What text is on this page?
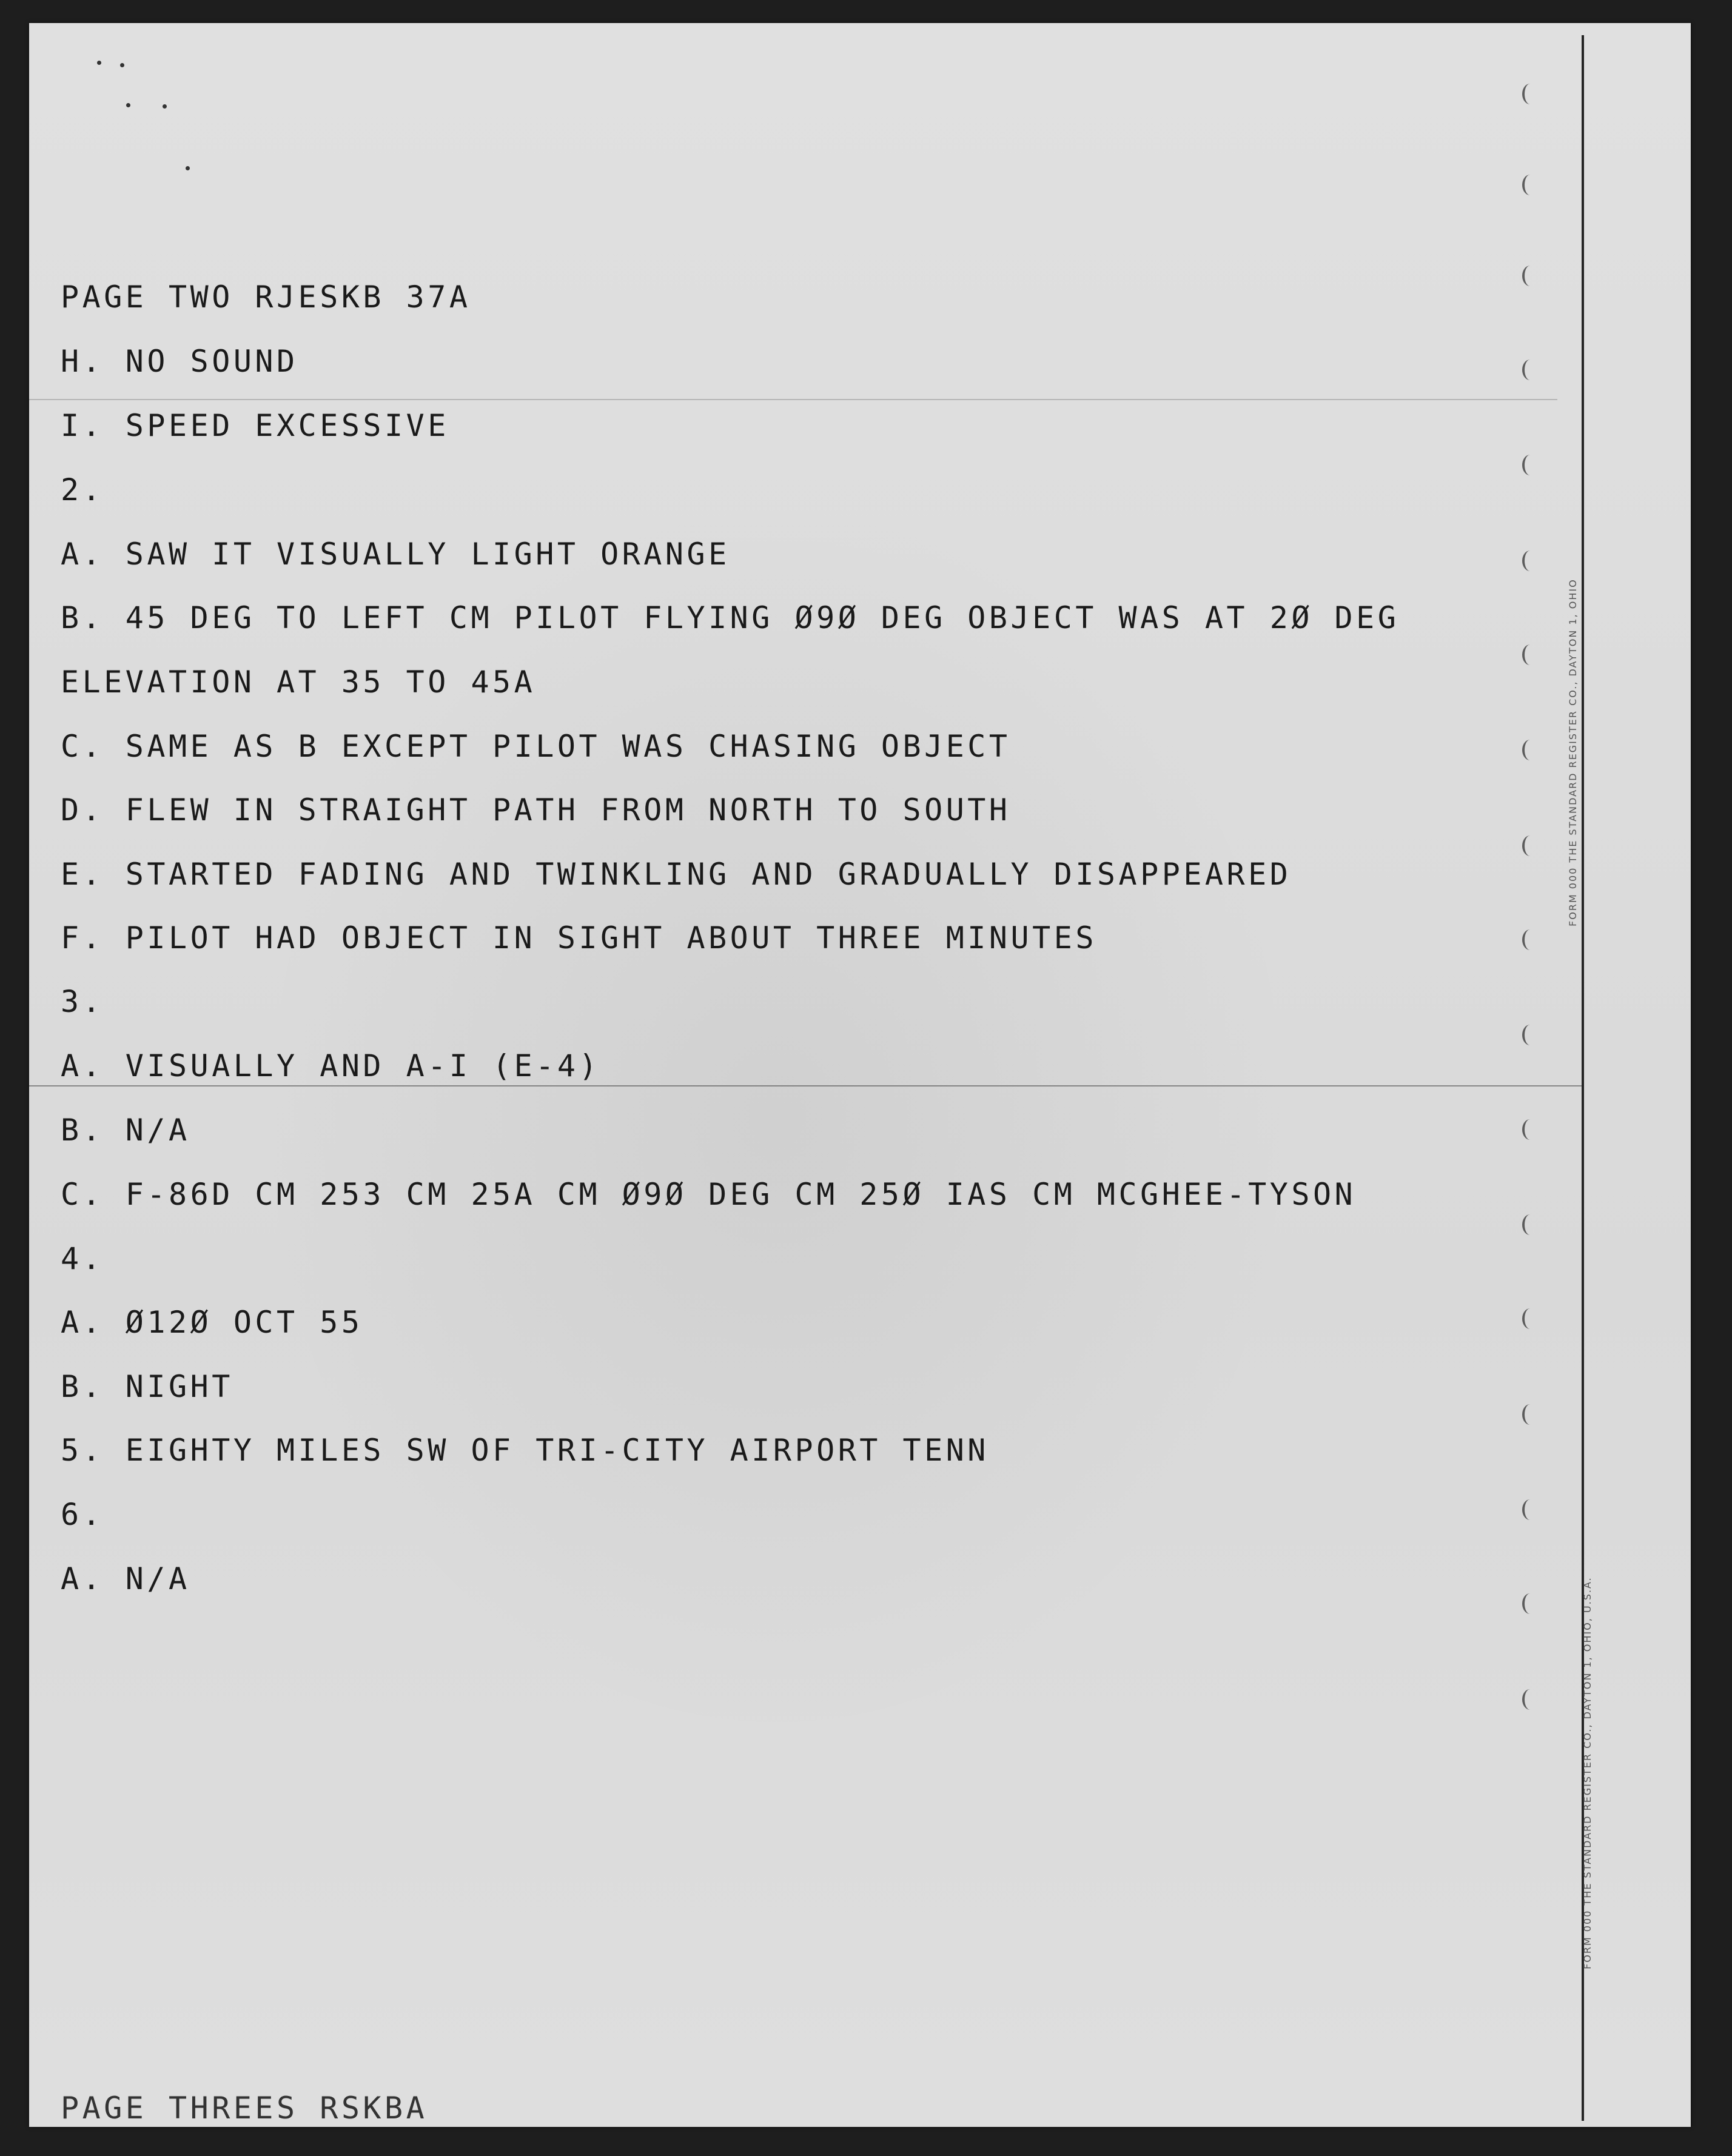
FORM 000 THE STANDARD REGISTER CO., DAYTON 1, OHIO
FORM 000 THE STANDARD REGISTER CO., DAYTON 1, OHIO, U.S.A.
PAGE TWO RJESKB 37A
H. NO SOUND
I. SPEED EXCESSIVE
2.
A. SAW IT VISUALLY LIGHT ORANGE
B. 45 DEG TO LEFT CM PILOT FLYING Ø9Ø DEG OBJECT WAS AT 2Ø DEG
ELEVATION AT 35 TO 45A
C. SAME AS B EXCEPT PILOT WAS CHASING OBJECT
D. FLEW IN STRAIGHT PATH FROM NORTH TO SOUTH
E. STARTED FADING AND TWINKLING AND GRADUALLY DISAPPEARED
F. PILOT HAD OBJECT IN SIGHT ABOUT THREE MINUTES
3.
A. VISUALLY AND A-I (E-4)
B. N/A
C. F-86D CM 253 CM 25A CM Ø9Ø DEG CM 25Ø IAS CM MCGHEE-TYSON
4.
A. Ø12Ø OCT 55
B. NIGHT
5. EIGHTY MILES SW OF TRI-CITY AIRPORT TENN
6.
A. N/A
PAGE THREES RSKBA
